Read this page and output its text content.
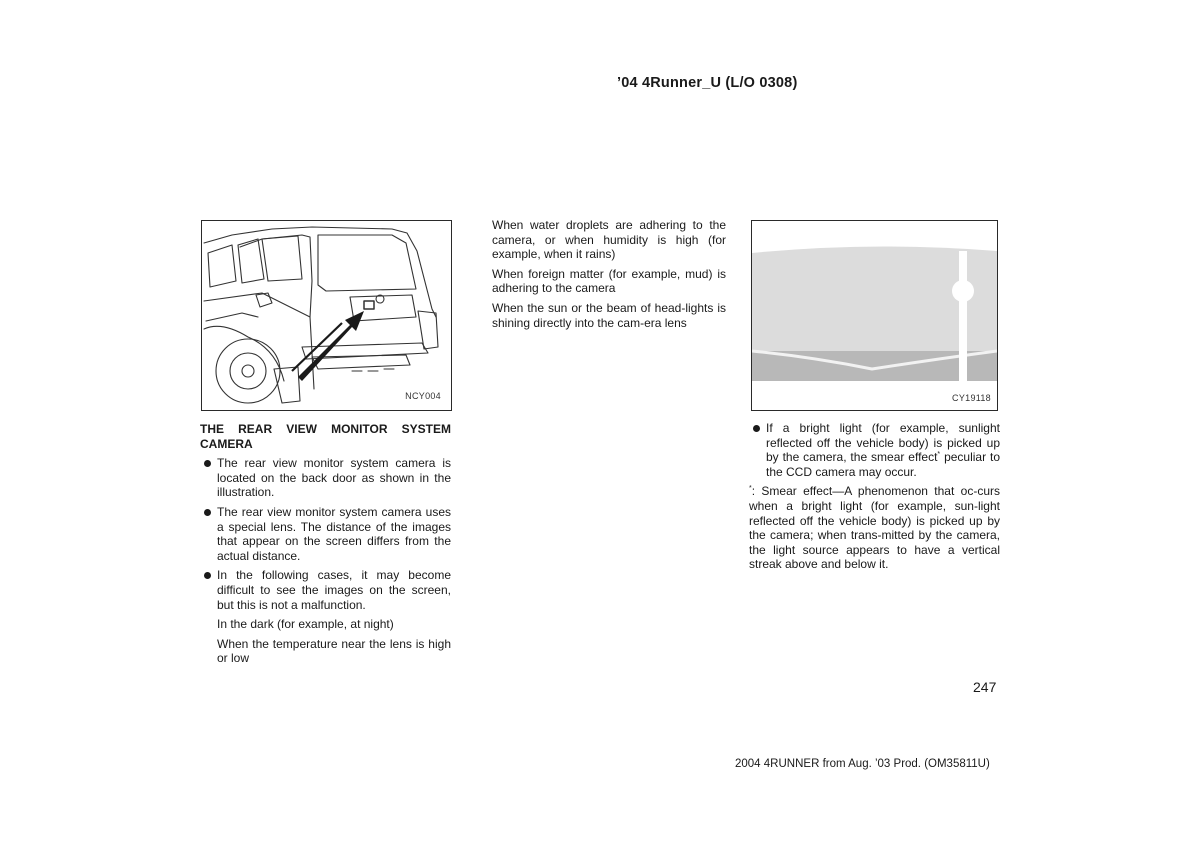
’04 4Runner_U (L/O 0308)
NCY004	CY19118

THE REAR VIEW MONITOR SYSTEM CAMERA

The rear view monitor system camera is located on the back door as shown in the illustration.
The rear view monitor system camera uses a special lens. The distance of the images that appear on the screen differs from the actual distance.
In the following cases, it may become difficult to see the images on the screen, but this is not a malfunction.

In the dark (for example, at night)

When the temperature near the lens is high or low

When water droplets are adhering to the camera, or when humidity is high (for example, when it rains)

When foreign matter (for example, mud) is adhering to the camera

When the sun or the beam of head-lights is shining directly into the cam-era lens

If a bright light (for example, sunlight reflected off the vehicle body) is picked up by the camera, the smear effect* peculiar to the CCD camera may occur.

*: Smear effect—A phenomenon that oc-curs when a bright light (for example, sun-light reflected off the vehicle body) is picked up by the camera; when trans-mitted by the camera, the light source appears to have a vertical streak above and below it.

247
2004 4RUNNER from Aug. ’03 Prod. (OM35811U)
